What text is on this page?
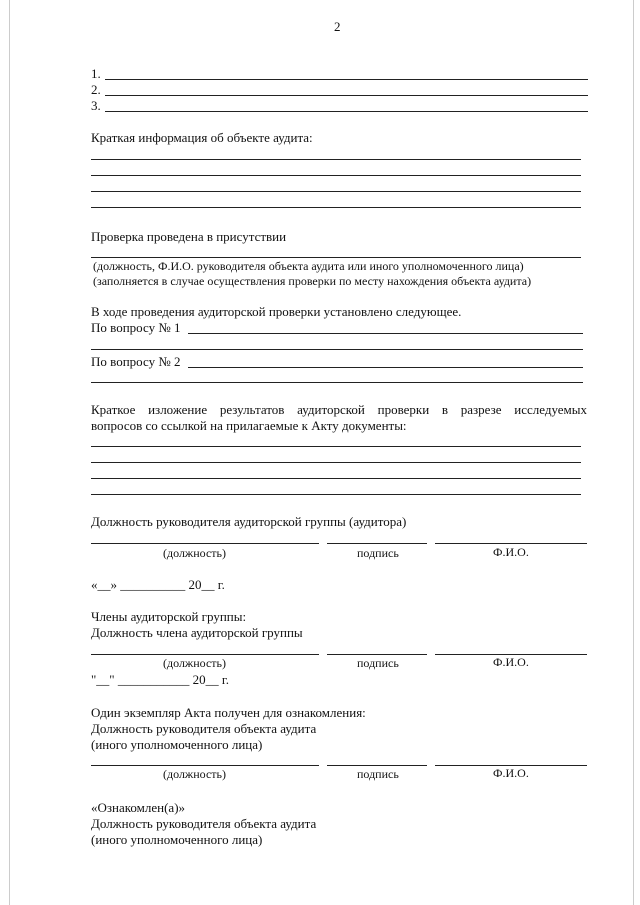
2
1.
2.
3.
Краткая информация об объекте аудита:
Проверка проведена в присутствии
(должность, Ф.И.О. руководителя объекта аудита или иного уполномоченного лица)
(заполняется в случае осуществления проверки по месту нахождения объекта аудита)
В ходе проведения аудиторской проверки установлено следующее.
По вопросу № 1
По вопросу № 2
Краткое изложение результатов аудиторской проверки в разрезе исследуемых
вопросов со ссылкой на прилагаемые к Акту документы:
Должность руководителя аудиторской группы (аудитора)
(должность)	подпись	Ф.И.О.
«__» __________ 20__ г.
Члены аудиторской группы:
Должность члена аудиторской группы
(должность)	подпись	Ф.И.О.
"__" ___________ 20__ г.
Один экземпляр Акта получен для ознакомления:
Должность руководителя объекта аудита
(иного уполномоченного лица)
(должность)	подпись	Ф.И.О.
«Ознакомлен(а)»
Должность руководителя объекта аудита
(иного уполномоченного лица)
